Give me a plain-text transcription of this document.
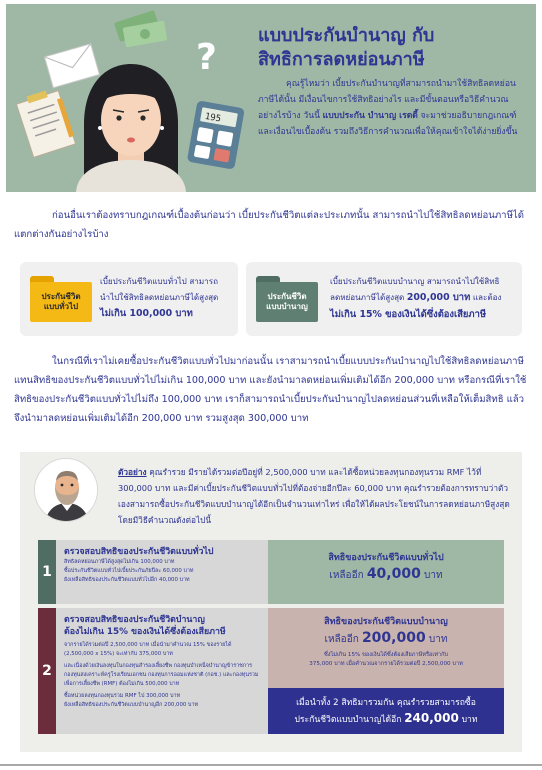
?
195
แบบประกันบำนาญ กับ
สิทธิการลดหย่อนภาษี
คุณรู้ไหมว่า เบี้ยประกันบำนาญที่สามารถนำมาใช้สิทธิลดหย่อนภาษีได้นั้น มีเงื่อนไขการใช้สิทธิอย่างไร และมีขั้นตอนหรือวิธีคำนวณอย่างไรบ้าง วันนี้ แบบประกัน บำนาญ เรดดี้ จะมาช่วยอธิบายกฎเกณฑ์และเงื่อนไขเบื้องต้น รวมถึงวิธีการคำนวณเพื่อให้คุณเข้าใจได้ง่ายยิ่งขึ้น
ก่อนอื่นเราต้องทราบกฎเกณฑ์เบื้องต้นก่อนว่า เบี้ยประกันชีวิตแต่ละประเภทนั้น สามารถนำไปใช้สิทธิลดหย่อนภาษีได้แตกต่างกันอย่างไรบ้าง
ประกันชีวิต แบบทั่วไป
เบี้ยประกันชีวิตแบบทั่วไป สามารถ
นำไปใช้สิทธิลดหย่อนภาษีได้สูงสุด
ไม่เกิน 100,000 บาท
ประกันชีวิต แบบบำนาญ
เบี้ยประกันชีวิตแบบบำนาญ สามารถนำไปใช้สิทธิ
ลดหย่อนภาษีได้สูงสุด 200,000 บาท และต้อง
ไม่เกิน 15% ของเงินได้ซึ่งต้องเสียภาษี
ในกรณีที่เราไม่เคยซื้อประกันชีวิตแบบทั่วไปมาก่อนนั้น เราสามารถนำเบี้ยแบบประกันบำนาญไปใช้สิทธิลดหย่อนภาษีแทนสิทธิของประกันชีวิตแบบทั่วไปไม่เกิน 100,000 บาท และยังนำมาลดหย่อนเพิ่มเติมได้อีก 200,000 บาท หรือกรณีที่เราใช้สิทธิของประกันชีวิตแบบทั่วไปไม่ถึง 100,000 บาท เราก็สามารถนำเบี้ยประกันบำนาญไปลดหย่อนส่วนที่เหลือให้เต็มสิทธิ แล้วจึงนำมาลดหย่อนเพิ่มเติมได้อีก 200,000 บาท รวมสูงสุด 300,000 บาท
ตัวอย่าง คุณรำรวย มีรายได้รวมต่อปีอยู่ที่ 2,500,000 บาท และได้ซื้อหน่วยลงทุนกองทุนรวม RMF ไว้ที่ 300,000 บาท และมีค่าเบี้ยประกันชีวิตแบบทั่วไปที่ต้องจ่ายอีกปีละ 60,000 บาท คุณรำรวยต้องการทราบว่าตัวเองสามารถซื้อประกันชีวิตแบบบำนาญได้อีกเป็นจำนวนเท่าไหร่ เพื่อให้ได้ผลประโยชน์ในการลดหย่อนภาษีสูงสุด โดยมีวิธีคำนวณดังต่อไปนี้
1
ตรวจสอบสิทธิของประกันชีวิตแบบทั่วไป
สิทธิลดหย่อนภาษีได้สูงสุดไม่เกิน 100,000 บาท
ซื้อประกันชีวิตแบบทั่วไปเบี้ยประกันภัยปีละ 60,000 บาท
ยังเหลือสิทธิของประกันชีวิตแบบทั่วไปอีก 40,000 บาท
สิทธิของประกันชีวิตแบบทั่วไป
เหลืออีก 40,000 บาท
2
ตรวจสอบสิทธิของประกันชีวิตบำนาญ
ต้องไม่เกิน 15% ของเงินได้ซึ่งต้องเสียภาษี
จากรายได้รวมต่อปี 2,500,000 บาท เมื่อนำมาคำนวณ 15% ของรายได้
(2,500,000 x 15%) จะเท่ากับ 375,000 บาท
และเนื่องด้วยเงินลงทุนในกองทุนสำรองเลี้ยงชีพ กองทุนบำเหน็จบำนาญข้าราชการ กองทุนสงเคราะห์ครูโรงเรียนเอกชน กองทุนการออมแห่งชาติ (กอช.) และกองทุนรวมเพื่อการเลี้ยงชีพ (RMF) ต้องไม่เกิน 500,000 บาท
ซื้อหน่วยลงทุนกองทุนรวม RMF ไป 300,000 บาท
ยังเหลือสิทธิของประกันชีวิตแบบบำนาญอีก 200,000 บาท
สิทธิของประกันชีวิตแบบบำนาญ
เหลืออีก 200,000 บาท
ซึ่งไม่เกิน 15% ของเงินได้ซึ่งต้องเสียภาษีหรือเท่ากับ
375,000 บาท เมื่อคำนวณจากรายได้รวมต่อปี 2,500,000 บาท
เมื่อนำทั้ง 2 สิทธิมารวมกัน คุณรำรวยสามารถซื้อ
ประกันชีวิตแบบบำนาญได้อีก 240,000 บาท
